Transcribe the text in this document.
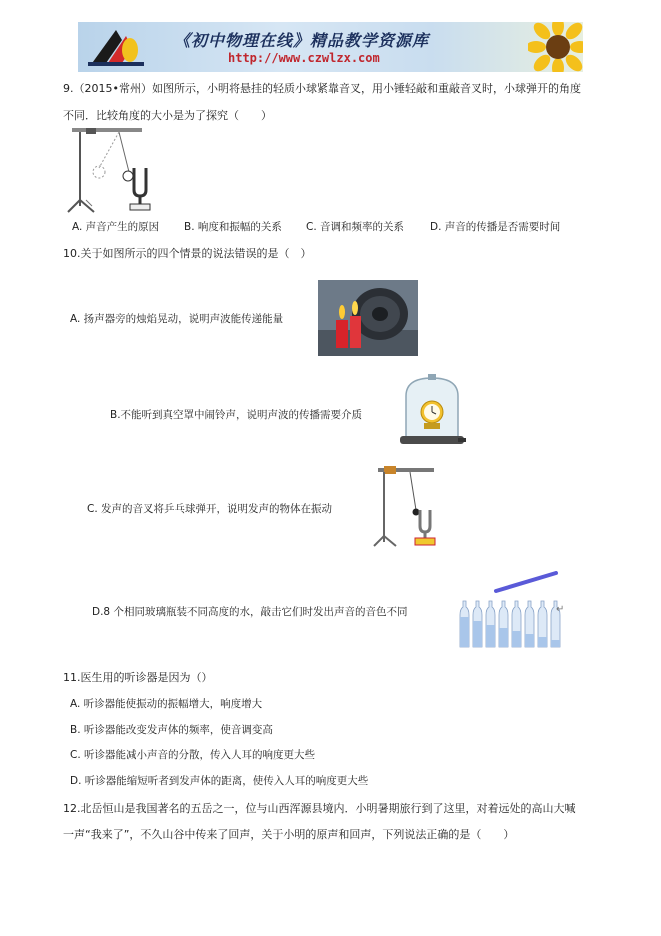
《初中物理在线》精品教学资源库
http://www.czwlzx.com
9.（2015•常州）如图所示，小明将悬挂的轻质小球紧靠音叉，用小锤轻敲和重敲音叉时，小球弹开的角度
不同．比较角度的大小是为了探究（　　）
A. 声音产生的原因 B. 响度和振幅的关系 C. 音调和频率的关系 D. 声音的传播是否需要时间
10.关于如图所示的四个情景的说法错误的是（　）
A. 扬声器旁的烛焰晃动，说明声波能传递能量
B.不能听到真空罩中闹铃声，说明声波的传播需要介质
C. 发声的音叉将乒乓球弹开，说明发声的物体在振动
D.8 个相同玻璃瓶装不同高度的水，敲击它们时发出声音的音色不同	↵
11.医生用的听诊器是因为（）
A. 听诊器能使振动的振幅增大，响度增大
B. 听诊器能改变发声体的频率，使音调变高
C. 听诊器能减小声音的分散，传入人耳的响度更大些
D. 听诊器能缩短听者到发声体的距离，使传入人耳的响度更大些
12.北岳恒山是我国著名的五岳之一，位与山西浑源县境内．小明暑期旅行到了这里，对着远处的高山大喊
一声“我来了”，不久山谷中传来了回声，关于小明的原声和回声，下列说法正确的是（　　）
